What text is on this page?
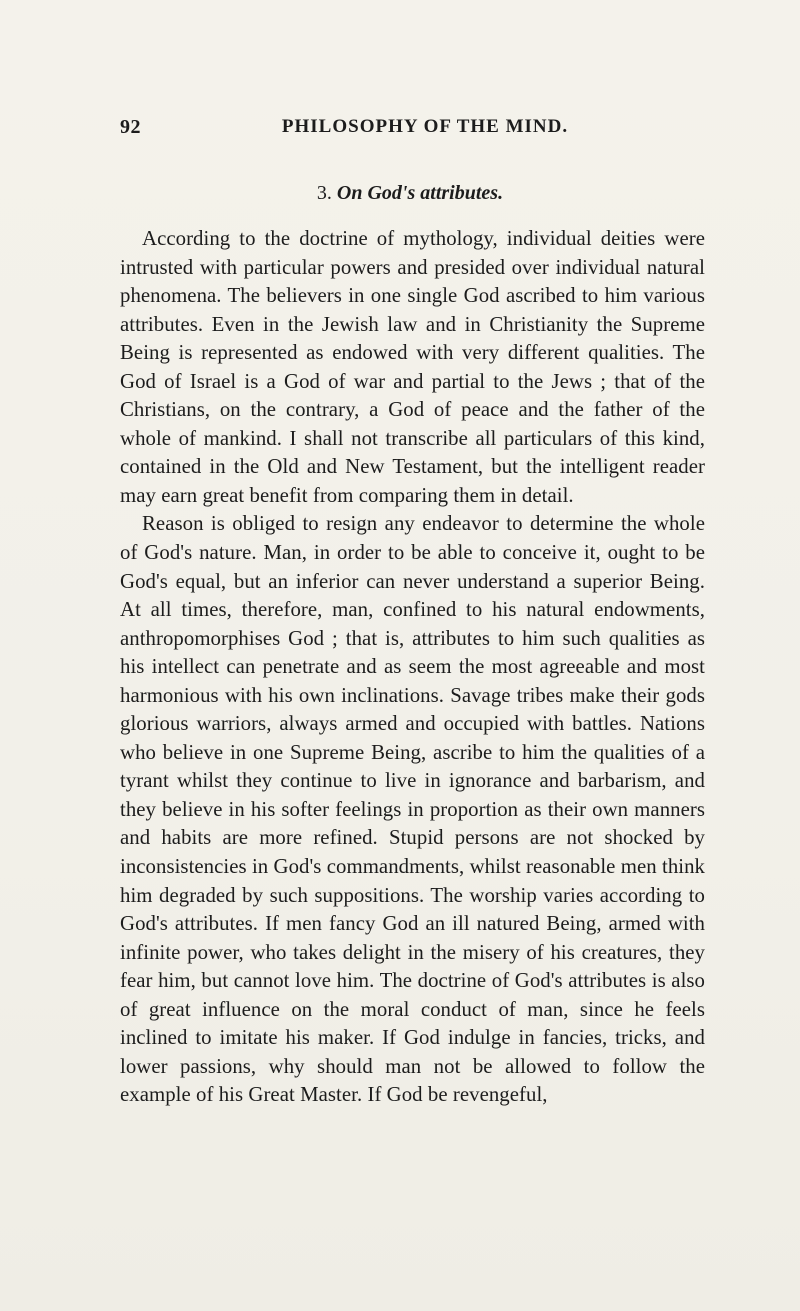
92	PHILOSOPHY OF THE MIND.
3. On God's attributes.

According to the doctrine of mythology, individual deities were intrusted with particular powers and presided over individual natural phenomena. The believers in one single God ascribed to him various attributes. Even in the Jewish law and in Christianity the Supreme Being is represented as endowed with very different qualities. The God of Israel is a God of war and partial to the Jews ; that of the Christians, on the contrary, a God of peace and the father of the whole of mankind. I shall not transcribe all particulars of this kind, contained in the Old and New Testament, but the intelligent reader may earn great benefit from comparing them in detail.

Reason is obliged to resign any endeavor to determine the whole of God's nature. Man, in order to be able to conceive it, ought to be God's equal, but an inferior can never understand a superior Being. At all times, therefore, man, confined to his natural endowments, anthropomorphises God ; that is, attributes to him such qualities as his intellect can penetrate and as seem the most agreeable and most harmonious with his own inclinations. Savage tribes make their gods glorious warriors, always armed and occupied with battles. Nations who believe in one Supreme Being, ascribe to him the qualities of a tyrant whilst they continue to live in ignorance and barbarism, and they believe in his softer feelings in proportion as their own manners and habits are more refined. Stupid persons are not shocked by inconsistencies in God's commandments, whilst reasonable men think him degraded by such suppositions. The worship varies according to God's attributes. If men fancy God an ill natured Being, armed with infinite power, who takes delight in the misery of his creatures, they fear him, but cannot love him. The doctrine of God's attributes is also of great influence on the moral conduct of man, since he feels inclined to imitate his maker. If God indulge in fancies, tricks, and lower passions, why should man not be allowed to follow the example of his Great Master. If God be revengeful,
